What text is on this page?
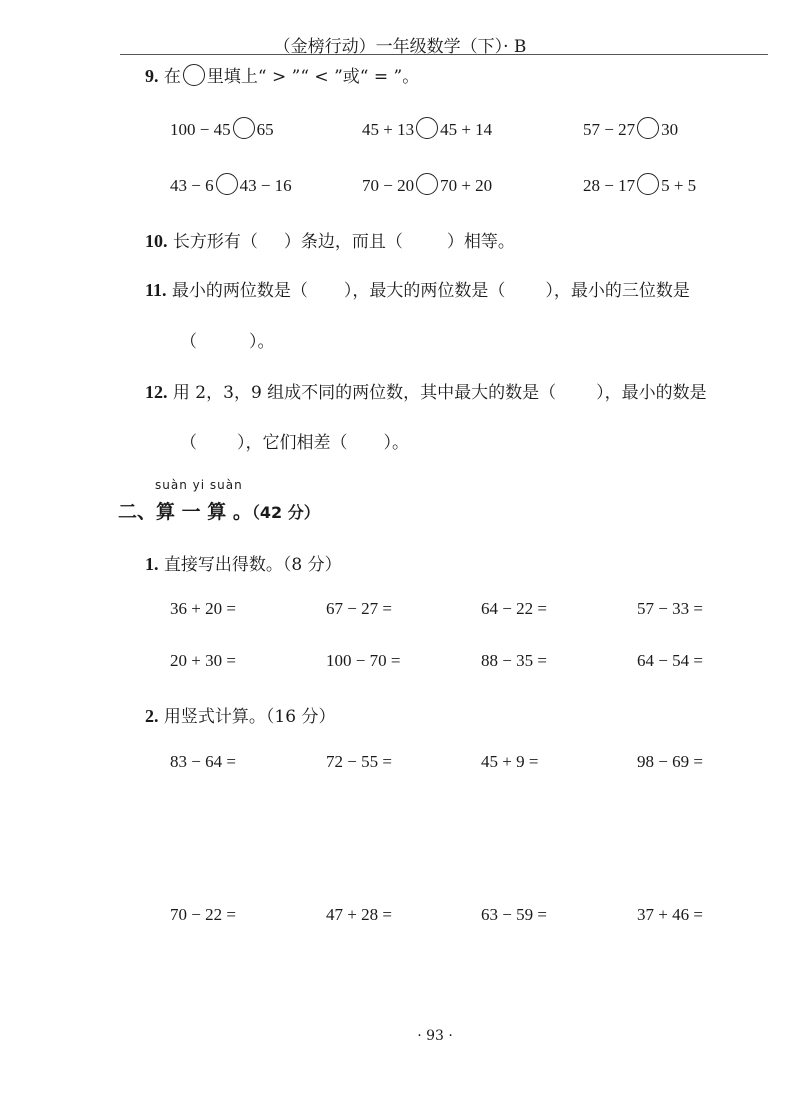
（金榜行动）一年级数学（下）· B
9. 在 里填上“ > ”“ < ”或“ = ”。
100 − 45 65	45 + 13 45 + 14	57 − 27 30
43 − 6 43 − 16	70 − 20 70 + 20	28 − 17 5 + 5
10. 长方形有（ ）条边，而且（	）相等。
11. 最小的两位数是（ ），最大的两位数是（ ），最小的三位数是
（	）。
12. 用 2，3，9 组成不同的两位数，其中最大的数是（ ），最小的数是
（ ），它们相差（ ）。
suàn yi suàn
二、算 一 算 。（42 分）
1. 直接写出得数。（8 分）
36 + 20 =	67 − 27 =	64 − 22 =	57 − 33 =
20 + 30 =	100 − 70 =	88 − 35 =	64 − 54 =
2. 用竖式计算。（16 分）
83 − 64 =	72 − 55 =	45 + 9 =	98 − 69 =
70 − 22 =	47 + 28 =	63 − 59 =	37 + 46 =
· 93 ·
